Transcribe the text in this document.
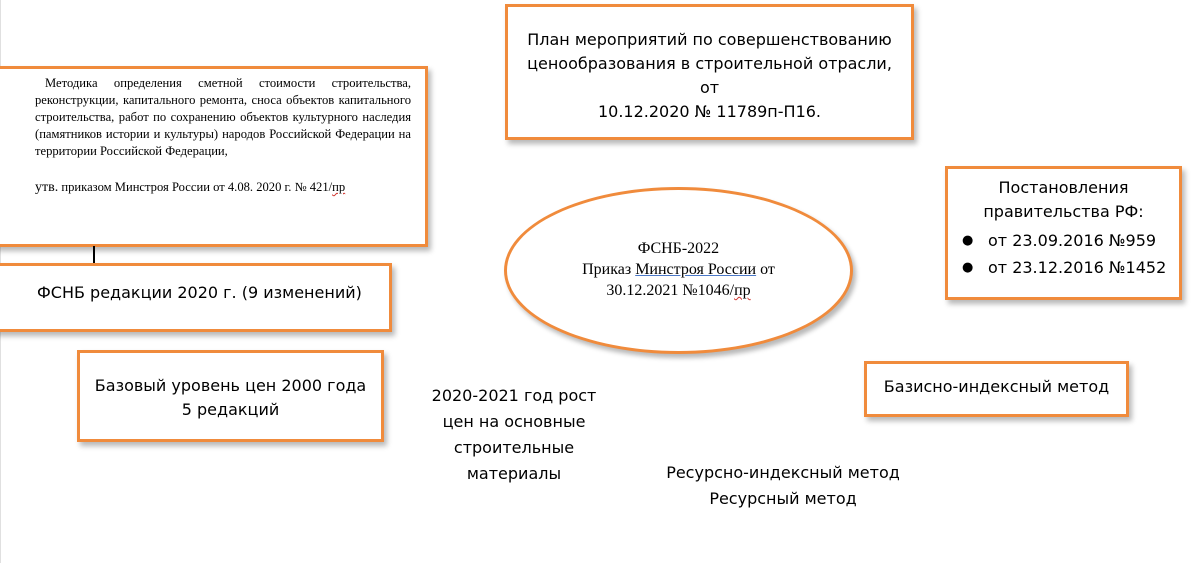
Методика определения сметной стоимости строительства, реконструкции, капитального ремонта, сноса объектов капитального строительства, работ по сохранению объектов культурного наследия (памятников истории и культуры) народов Российской Федерации на территории Российской Федерации,
утв. приказом Минстроя России от 4.08. 2020 г. № 421/пр
План мероприятий по совершенствованию
ценообразования в строительной отрасли, от
10.12.2020 № 11789п-П16.
Постановления
правительства РФ:
● от 23.09.2016 №959
● от 23.12.2016 №1452
ФСНБ редакции 2020 г. (9 изменений)
ФСНБ-2022
Приказ Минстроя России от
30.12.2021 №1046/пр
Базовый уровень цен 2000 года
5 редакций
Базисно-индексный метод
2020-2021 год рост
цен на основные
строительные
материалы	Ресурсно-индексный метод
Ресурсный метод
